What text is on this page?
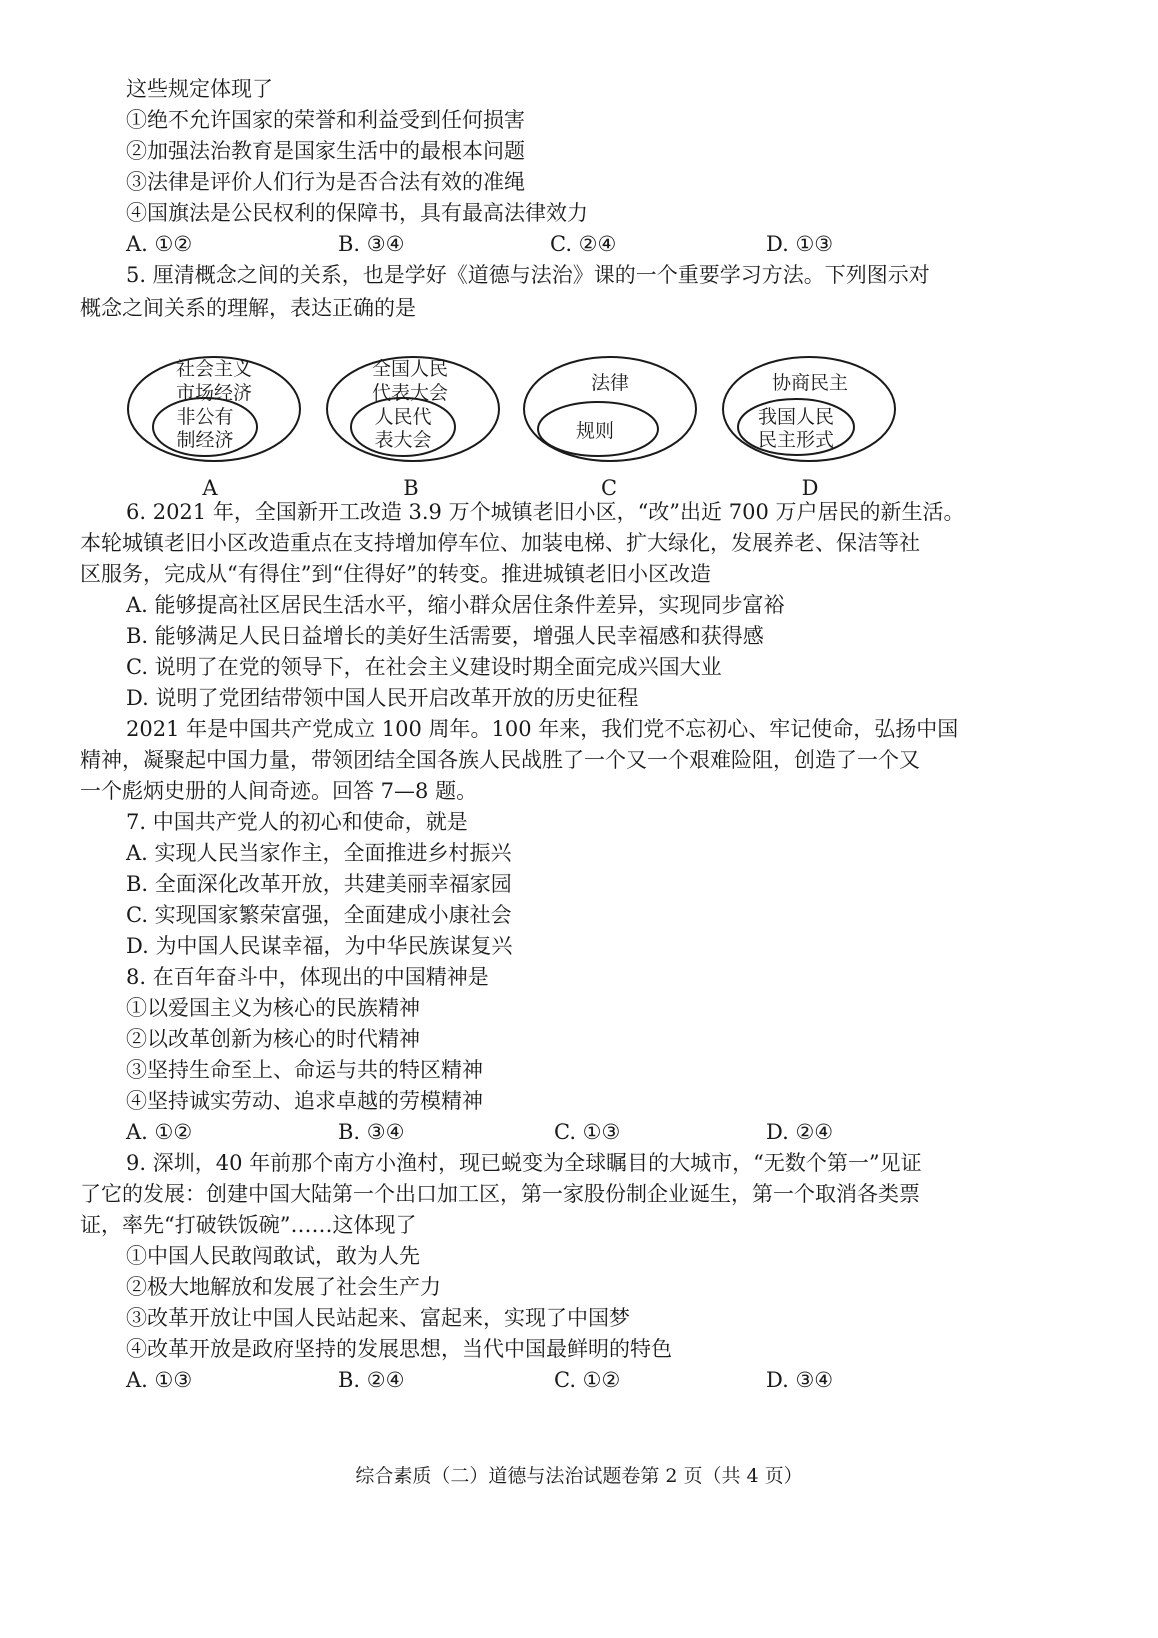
这些规定体现了
①绝不允许国家的荣誉和利益受到任何损害
②加强法治教育是国家生活中的最根本问题
③法律是评价人们行为是否合法有效的准绳
④国旗法是公民权利的保障书，具有最高法律效力
A. ①②	B. ③④	C. ②④	D. ①③
5. 厘清概念之间的关系，也是学好《道德与法治》课的一个重要学习方法。下列图示对
概念之间关系的理解，表达正确的是
社会主义
市场经济
非公有
制经济
A
全国人民
代表大会
人民代
表大会
B
法律
规则
C
协商民主
我国人民
民主形式
D
6. 2021 年，全国新开工改造 3.9 万个城镇老旧小区，“改”出近 700 万户居民的新生活。
本轮城镇老旧小区改造重点在支持增加停车位、加装电梯、扩大绿化，发展养老、保洁等社
区服务，完成从“有得住”到“住得好”的转变。推进城镇老旧小区改造
A. 能够提高社区居民生活水平，缩小群众居住条件差异，实现同步富裕
B. 能够满足人民日益增长的美好生活需要，增强人民幸福感和获得感
C. 说明了在党的领导下，在社会主义建设时期全面完成兴国大业
D. 说明了党团结带领中国人民开启改革开放的历史征程
2021 年是中国共产党成立 100 周年。100 年来，我们党不忘初心、牢记使命，弘扬中国
精神，凝聚起中国力量，带领团结全国各族人民战胜了一个又一个艰难险阻，创造了一个又
一个彪炳史册的人间奇迹。回答 7—8 题。
7. 中国共产党人的初心和使命，就是
A. 实现人民当家作主，全面推进乡村振兴
B. 全面深化改革开放，共建美丽幸福家园
C. 实现国家繁荣富强，全面建成小康社会
D. 为中国人民谋幸福，为中华民族谋复兴
8. 在百年奋斗中，体现出的中国精神是
①以爱国主义为核心的民族精神
②以改革创新为核心的时代精神
③坚持生命至上、命运与共的特区精神
④坚持诚实劳动、追求卓越的劳模精神
A. ①②	B. ③④	C. ①③	D. ②④
9. 深圳，40 年前那个南方小渔村，现已蜕变为全球瞩目的大城市，“无数个第一”见证
了它的发展：创建中国大陆第一个出口加工区，第一家股份制企业诞生，第一个取消各类票
证，率先“打破铁饭碗”……这体现了
①中国人民敢闯敢试，敢为人先
②极大地解放和发展了社会生产力
③改革开放让中国人民站起来、富起来，实现了中国梦
④改革开放是政府坚持的发展思想，当代中国最鲜明的特色
A. ①③	B. ②④	C. ①②	D. ③④
综合素质（二）道德与法治试题卷第 2 页（共 4 页）
